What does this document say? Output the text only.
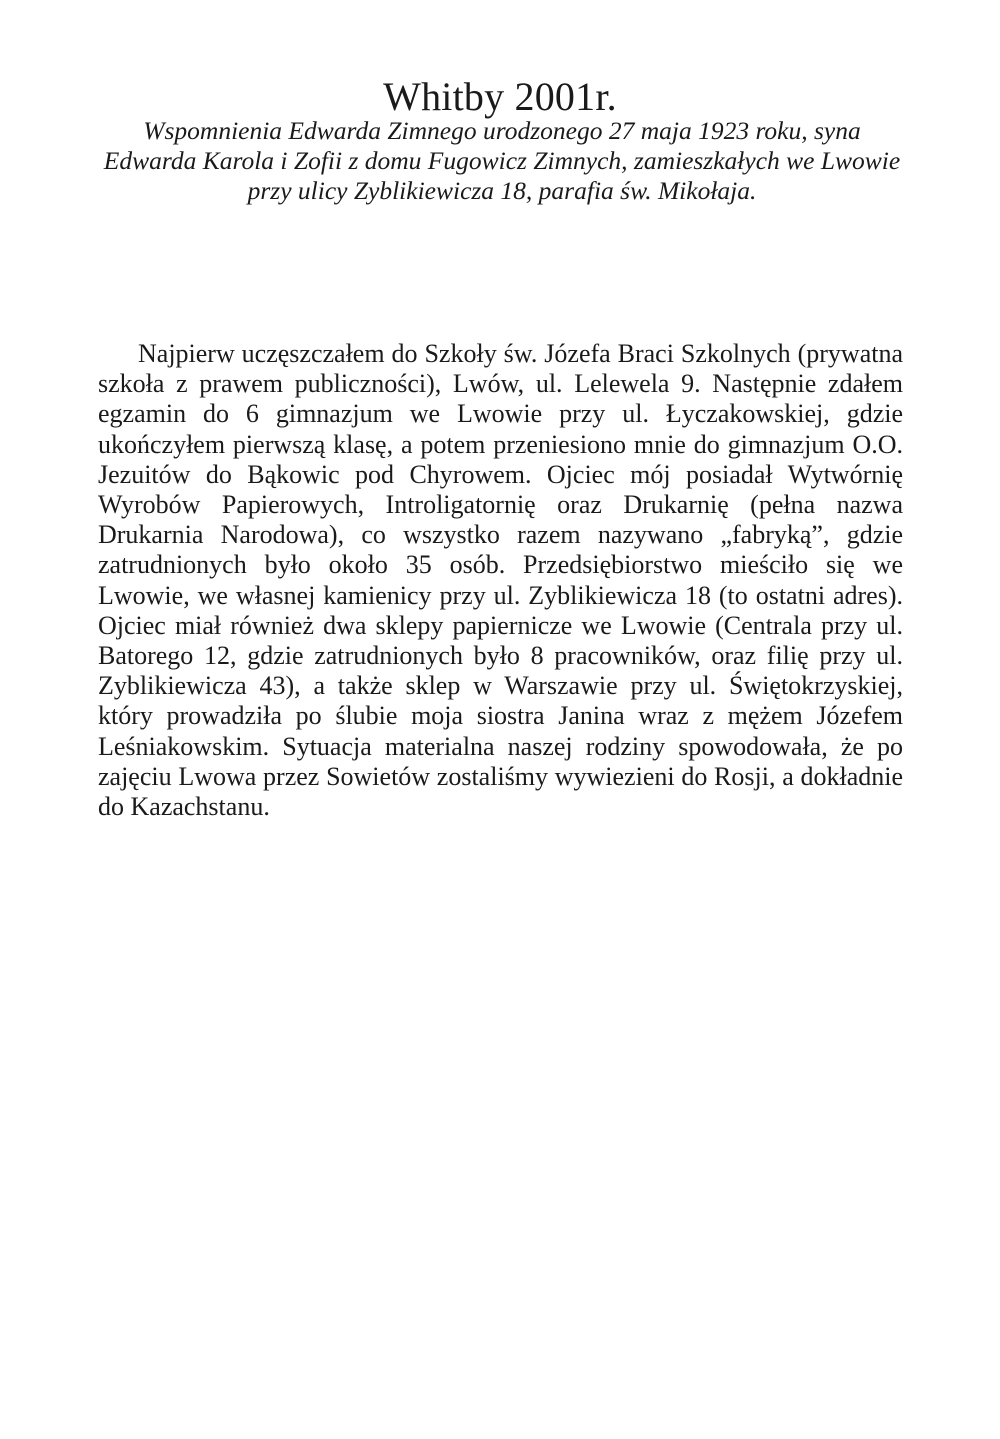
Whitby 2001r.

Wspomnienia Edwarda Zimnego urodzonego 27 maja 1923 roku, syna Edwarda Karola i Zofii z domu Fugowicz Zimnych, zamieszkałych we Lwowie przy ulicy Zyblikiewicza 18, parafia św. Mikołaja.

Najpierw uczęszczałem do Szkoły św. Józefa Braci Szkolnych (prywatna szkoła z prawem publiczności), Lwów, ul. Lelewela 9. Następnie zdałem egzamin do 6 gimnazjum we Lwowie przy ul. Łyczakowskiej, gdzie ukończyłem pierwszą klasę, a potem przeniesiono mnie do gimnazjum O.O. Jezuitów do Bąkowic pod Chyrowem. Ojciec mój posiadał Wytwórnię Wyrobów Papierowych, Introligatornię oraz Drukarnię (pełna nazwa Drukarnia Narodowa), co wszystko razem nazywano „fabryką”, gdzie zatrudnionych było około 35 osób. Przedsiębiorstwo mieściło się we Lwowie, we własnej kamienicy przy ul. Zyblikiewicza 18 (to ostatni adres). Ojciec miał również dwa sklepy papiernicze we Lwowie (Centrala przy ul. Batorego 12, gdzie zatrudnionych było 8 pracowników, oraz filię przy ul. Zyblikiewicza 43), a także sklep w Warszawie przy ul. Świętokrzyskiej, który prowadziła po ślubie moja siostra Janina wraz z mężem Józefem Leśniakowskim. Sytuacja materialna naszej rodziny spowodowała, że po zajęciu Lwowa przez Sowietów zostaliśmy wywiezieni do Rosji, a dokładnie do Kazachstanu.
